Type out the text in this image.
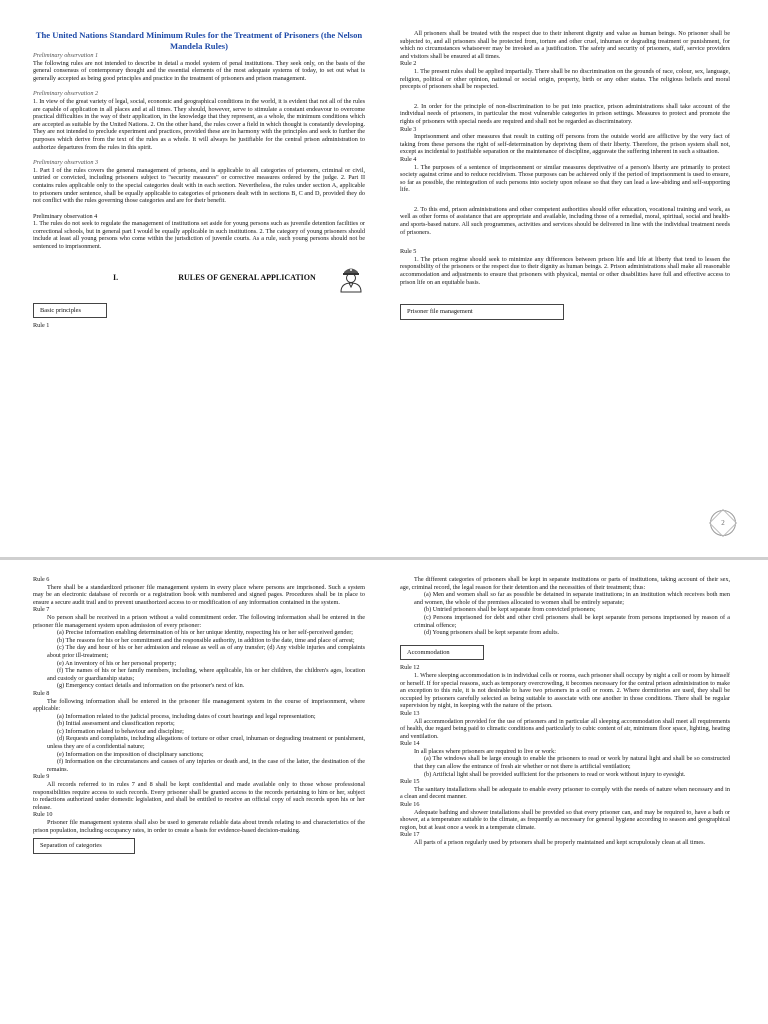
The United Nations Standard Minimum Rules for the Treatment of Prisoners (the Nelson Mandela Rules)

Preliminary observation 1

The following rules are not intended to describe in detail a model system of penal institutions. They seek only, on the basis of the general consensus of contemporary thought and the essential elements of the most adequate systems of today, to set out what is generally accepted as being good principles and practice in the treatment of prisoners and prison management.

Preliminary observation 2

1. In view of the great variety of legal, social, economic and geographical conditions in the world, it is evident that not all of the rules are capable of application in all places and at all times. They should, however, serve to stimulate a constant endeavour to overcome practical difficulties in the way of their application, in the knowledge that they represent, as a whole, the minimum conditions which are accepted as suitable by the United Nations. 2. On the other hand, the rules cover a field in which thought is constantly developing. They are not intended to preclude experiment and practices, provided these are in harmony with the principles and seek to further the purposes which derive from the text of the rules as a whole. It will always be justifiable for the central prison administration to authorize departures from the rules in this spirit.

Preliminary observation 3

1. Part I of the rules covers the general management of prisons, and is applicable to all categories of prisoners, criminal or civil, untried or convicted, including prisoners subject to "security measures" or corrective measures ordered by the judge. 2. Part II contains rules applicable only to the special categories dealt with in each section. Nevertheless, the rules under section A, applicable to prisoners under sentence, shall be equally applicable to categories of prisoners dealt with in sections B, C and D, provided they do not conflict with the rules governing those categories and are for their benefit.

Preliminary observation 4

1. The rules do not seek to regulate the management of institutions set aside for young persons such as juvenile detention facilities or correctional schools, but in general part I would be equally applicable in such institutions. 2. The category of young prisoners should include at least all young persons who come within the jurisdiction of juvenile courts. As a rule, such young persons should not be sentenced to imprisonment.

I.	RULES OF GENERAL APPLICATION
Basic principles

Rule 1

All prisoners shall be treated with the respect due to their inherent dignity and value as human beings. No prisoner shall be subjected to, and all prisoners shall be protected from, torture and other cruel, inhuman or degrading treatment or punishment, for which no circumstances whatsoever may be invoked as a justification. The safety and security of prisoners, staff, service providers and visitors shall be ensured at all times.

Rule 2

1. The present rules shall be applied impartially. There shall be no discrimination on the grounds of race, colour, sex, language, religion, political or other opinion, national or social origin, property, birth or any other status. The religious beliefs and moral precepts of prisoners shall be respected.

2. In order for the principle of non-discrimination to be put into practice, prison administrations shall take account of the individual needs of prisoners, in particular the most vulnerable categories in prison settings. Measures to protect and promote the rights of prisoners with special needs are required and shall not be regarded as discriminatory.

Rule 3

Imprisonment and other measures that result in cutting off persons from the outside world are afflictive by the very fact of taking from these persons the right of self-determination by depriving them of their liberty. Therefore, the prison system shall not, except as incidental to justifiable separation or the maintenance of discipline, aggravate the suffering inherent in such a situation.

Rule 4

1. The purposes of a sentence of imprisonment or similar measures deprivative of a person's liberty are primarily to protect society against crime and to reduce recidivism. Those purposes can be achieved only if the period of imprisonment is used to ensure, so far as possible, the reintegration of such persons into society upon release so that they can lead a law-abiding and self-supporting life.

2. To this end, prison administrations and other competent authorities should offer education, vocational training and work, as well as other forms of assistance that are appropriate and available, including those of a remedial, moral, spiritual, social and health- and sports-based nature. All such programmes, activities and services should be delivered in line with the individual treatment needs of prisoners.

Rule 5

1. The prison regime should seek to minimize any differences between prison life and life at liberty that tend to lessen the responsibility of the prisoners or the respect due to their dignity as human beings. 2. Prison administrations shall make all reasonable accommodation and adjustments to ensure that prisoners with physical, mental or other disabilities have full and effective access to prison life on an equitable basis.

Prisoner file management
2

Rule 6

There shall be a standardized prisoner file management system in every place where persons are imprisoned. Such a system may be an electronic database of records or a registration book with numbered and signed pages. Procedures shall be in place to ensure a secure audit trail and to prevent unauthorized access to or modification of any information contained in the system.

Rule 7

No person shall be received in a prison without a valid commitment order. The following information shall be entered in the prisoner file management system upon admission of every prisoner:

(a) Precise information enabling determination of his or her unique identity, respecting his or her self-perceived gender;

(b) The reasons for his or her commitment and the responsible authority, in addition to the date, time and place of arrest;

(c) The day and hour of his or her admission and release as well as of any transfer; (d) Any visible injuries and complaints about prior ill-treatment;

(e) An inventory of his or her personal property;

(f) The names of his or her family members, including, where applicable, his or her children, the children's ages, location and custody or guardianship status;

(g) Emergency contact details and information on the prisoner's next of kin.

Rule 8

The following information shall be entered in the prisoner file management system in the course of imprisonment, where applicable:

(a) Information related to the judicial process, including dates of court hearings and legal representation;

(b) Initial assessment and classification reports;

(c) Information related to behaviour and discipline;

(d) Requests and complaints, including allegations of torture or other cruel, inhuman or degrading treatment or punishment, unless they are of a confidential nature;

(e) Information on the imposition of disciplinary sanctions;

(f) Information on the circumstances and causes of any injuries or death and, in the case of the latter, the destination of the remains.

Rule 9

All records referred to in rules 7 and 8 shall be kept confidential and made available only to those whose professional responsibilities require access to such records. Every prisoner shall be granted access to the records pertaining to him or her, subject to redactions authorized under domestic legislation, and shall be entitled to receive an official copy of such records upon his or her release.

Rule 10

Prisoner file management systems shall also be used to generate reliable data about trends relating to and characteristics of the prison population, including occupancy rates, in order to create a basis for evidence-based decision-making.

Separation of categories

The different categories of prisoners shall be kept in separate institutions or parts of institutions, taking account of their sex, age, criminal record, the legal reason for their detention and the necessities of their treatment; thus:

(a) Men and women shall so far as possible be detained in separate institutions; in an institution which receives both men and women, the whole of the premises allocated to women shall be entirely separate;

(b) Untried prisoners shall be kept separate from convicted prisoners;

(c) Persons imprisoned for debt and other civil prisoners shall be kept separate from persons imprisoned by reason of a criminal offence;

(d) Young prisoners shall be kept separate from adults.

Accommodation

Rule 12

1. Where sleeping accommodation is in individual cells or rooms, each prisoner shall occupy by night a cell or room by himself or herself. If for special reasons, such as temporary overcrowding, it becomes necessary for the central prison administration to make an exception to this rule, it is not desirable to have two prisoners in a cell or room. 2. Where dormitories are used, they shall be occupied by prisoners carefully selected as being suitable to associate with one another in those conditions. There shall be regular supervision by night, in keeping with the nature of the prison.

Rule 13

All accommodation provided for the use of prisoners and in particular all sleeping accommodation shall meet all requirements of health, due regard being paid to climatic conditions and particularly to cubic content of air, minimum floor space, lighting, heating and ventilation.

Rule 14

In all places where prisoners are required to live or work:

(a) The windows shall be large enough to enable the prisoners to read or work by natural light and shall be so constructed that they can allow the entrance of fresh air whether or not there is artificial ventilation;

(b) Artificial light shall be provided sufficient for the prisoners to read or work without injury to eyesight.

Rule 15

The sanitary installations shall be adequate to enable every prisoner to comply with the needs of nature when necessary and in a clean and decent manner.

Rule 16

Adequate bathing and shower installations shall be provided so that every prisoner can, and may be required to, have a bath or shower, at a temperature suitable to the climate, as frequently as necessary for general hygiene according to season and geographical region, but at least once a week in a temperate climate.

Rule 17

All parts of a prison regularly used by prisoners shall be properly maintained and kept scrupulously clean at all times.
